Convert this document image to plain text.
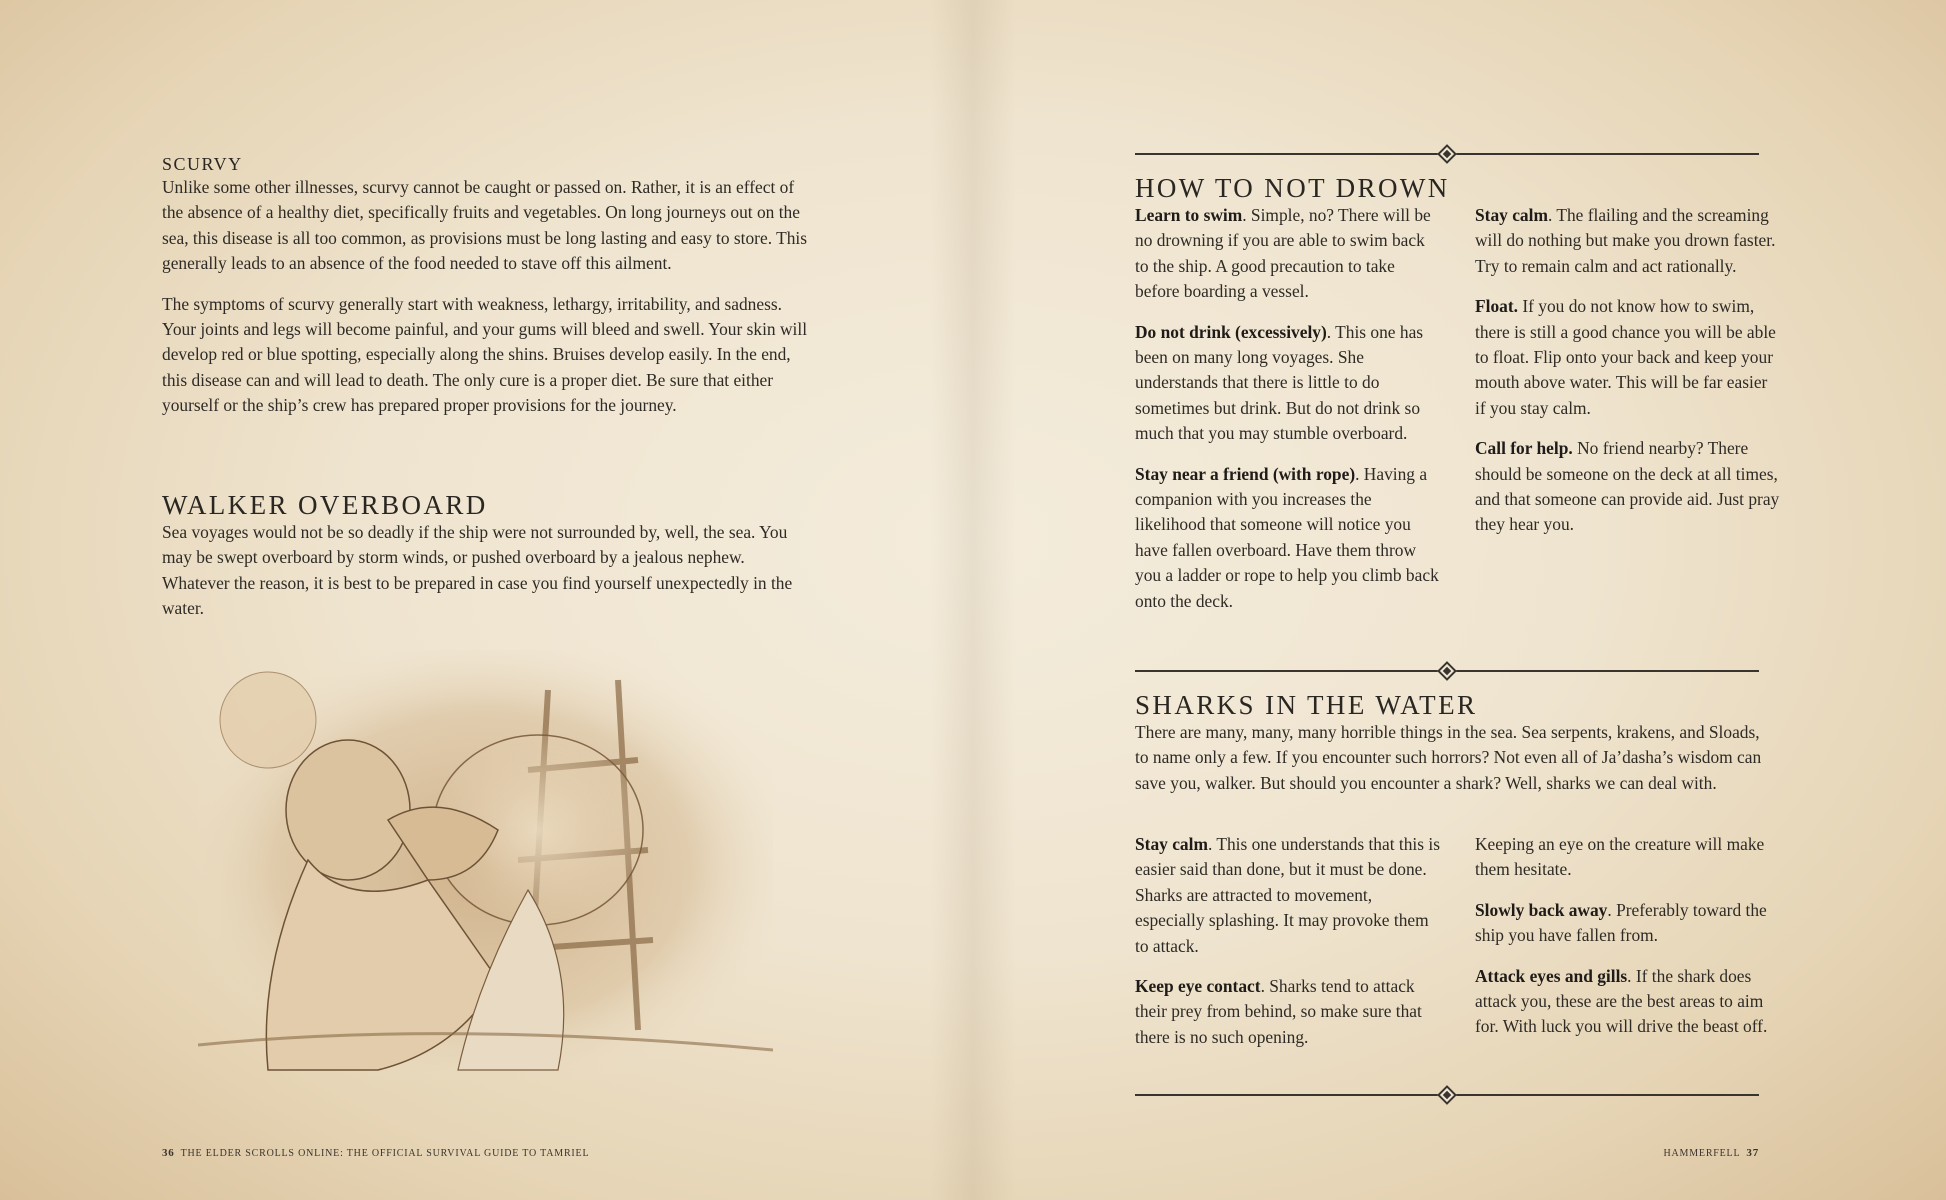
SCURVY

Unlike some other illnesses, scurvy cannot be caught or passed on. Rather, it is an effect of the absence of a healthy diet, specifically fruits and vegetables. On long journeys out on the sea, this disease is all too common, as provisions must be long lasting and easy to store. This generally leads to an absence of the food needed to stave off this ailment.

The symptoms of scurvy generally start with weakness, lethargy, irritability, and sadness. Your joints and legs will become painful, and your gums will bleed and swell. Your skin will develop red or blue spotting, especially along the shins. Bruises develop easily. In the end, this disease can and will lead to death. The only cure is a proper diet. Be sure that either yourself or the ship’s crew has prepared proper provisions for the journey.

WALKER OVERBOARD

Sea voyages would not be so deadly if the ship were not surrounded by, well, the sea. You may be swept overboard by storm winds, or pushed overboard by a jealous nephew. Whatever the reason, it is best to be prepared in case you find yourself unexpectedly in the water.

36 THE ELDER SCROLLS ONLINE: THE OFFICIAL SURVIVAL GUIDE TO TAMRIEL
HOW TO NOT DROWN

Learn to swim. Simple, no? There will be no drowning if you are able to swim back to the ship. A good precaution to take before boarding a vessel.

Do not drink (excessively). This one has been on many long voyages. She understands that there is little to do sometimes but drink. But do not drink so much that you may stumble overboard.

Stay near a friend (with rope). Having a companion with you increases the likelihood that someone will notice you have fallen overboard. Have them throw you a ladder or rope to help you climb back onto the deck.

Stay calm. The flailing and the screaming will do nothing but make you drown faster. Try to remain calm and act rationally.

Float. If you do not know how to swim, there is still a good chance you will be able to float. Flip onto your back and keep your mouth above water. This will be far easier if you stay calm.

Call for help. No friend nearby? There should be someone on the deck at all times, and that someone can provide aid. Just pray they hear you.

SHARKS IN THE WATER

There are many, many, many horrible things in the sea. Sea serpents, krakens, and Sloads, to name only a few. If you encounter such horrors? Not even all of Ja’dasha’s wisdom can save you, walker. But should you encounter a shark? Well, sharks we can deal with.

Stay calm. This one understands that this is easier said than done, but it must be done. Sharks are attracted to movement, especially splashing. It may provoke them to attack.

Keep eye contact. Sharks tend to attack their prey from behind, so make sure that there is no such opening.

Keeping an eye on the creature will make them hesitate.

Slowly back away. Preferably toward the ship you have fallen from.

Attack eyes and gills. If the shark does attack you, these are the best areas to aim for. With luck you will drive the beast off.

HAMMERFELL 37
